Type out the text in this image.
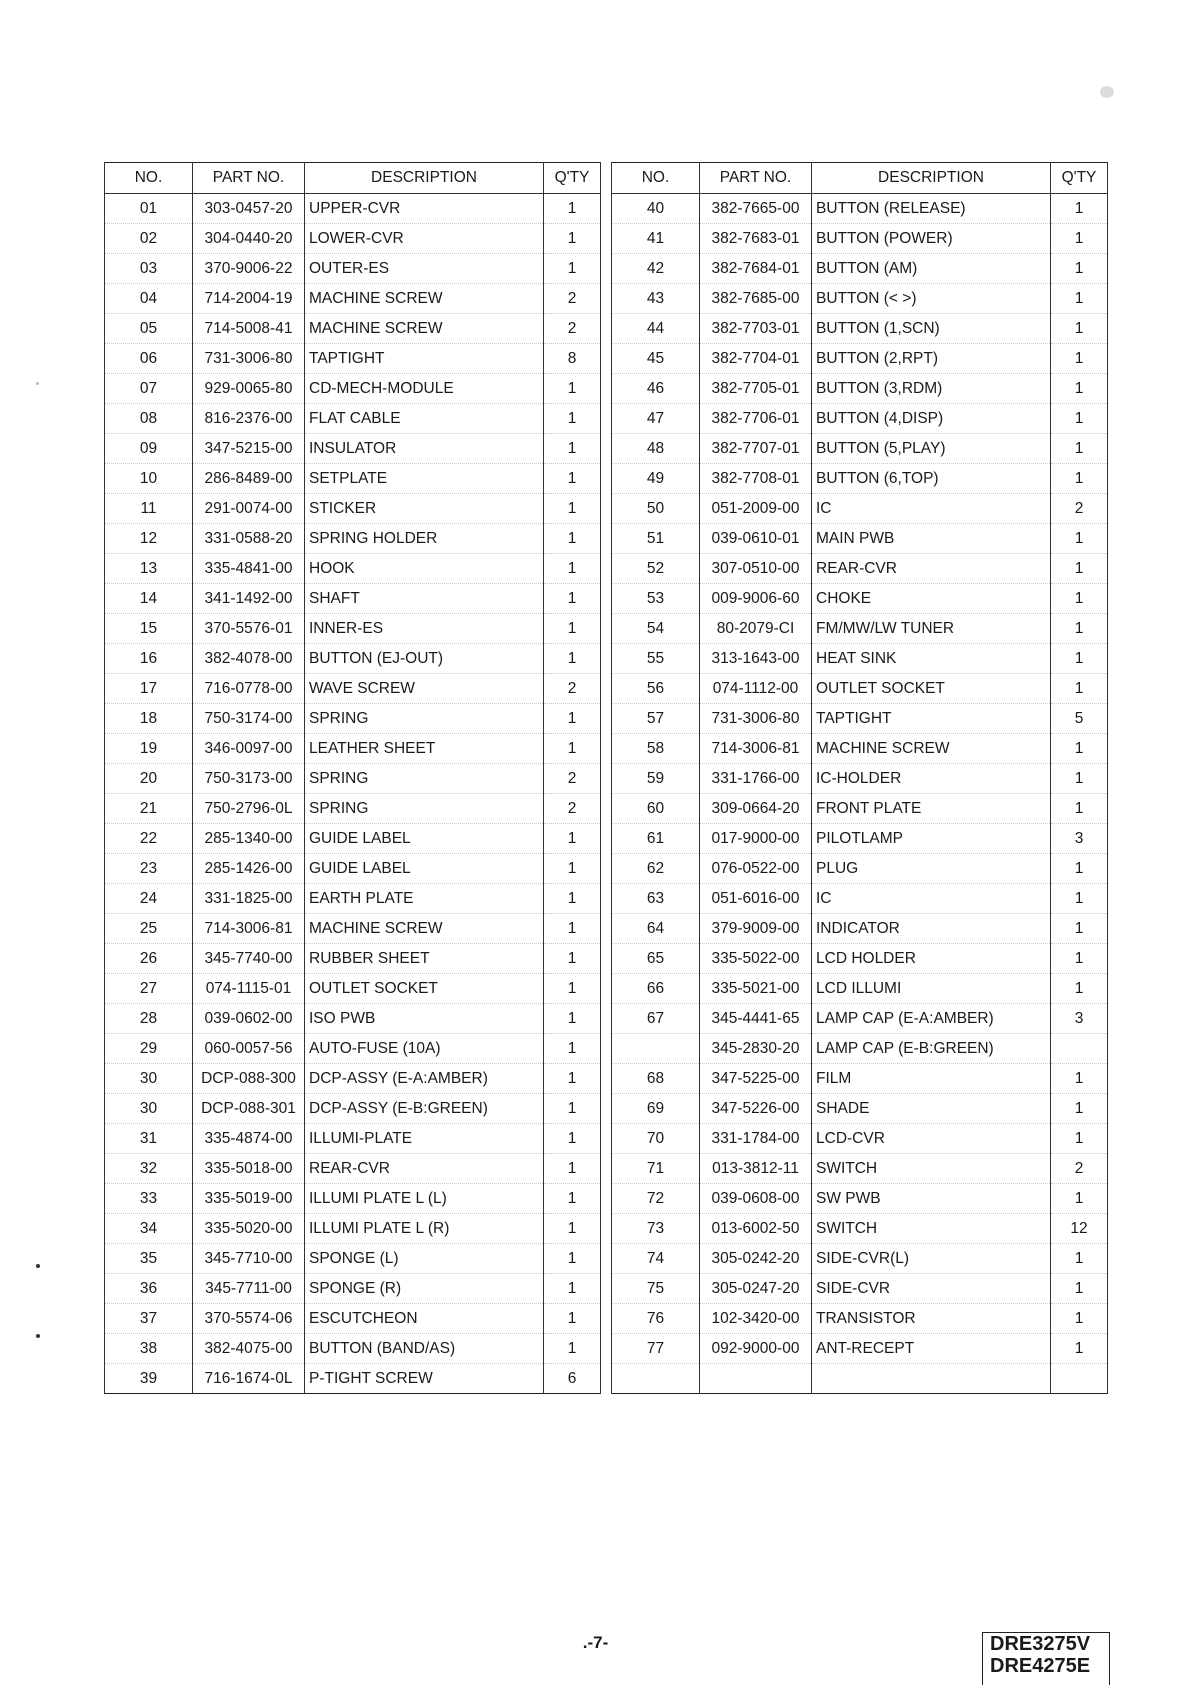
NO.	PART NO.	DESCRIPTION	Q'TY
01	303-0457-20	UPPER-CVR	1
02	304-0440-20	LOWER-CVR	1
03	370-9006-22	OUTER-ES	1
04	714-2004-19	MACHINE SCREW	2
05	714-5008-41	MACHINE SCREW	2
06	731-3006-80	TAPTIGHT	8
07	929-0065-80	CD-MECH-MODULE	1
08	816-2376-00	FLAT CABLE	1
09	347-5215-00	INSULATOR	1
10	286-8489-00	SETPLATE	1
11	291-0074-00	STICKER	1
12	331-0588-20	SPRING HOLDER	1
13	335-4841-00	HOOK	1
14	341-1492-00	SHAFT	1
15	370-5576-01	INNER-ES	1
16	382-4078-00	BUTTON (EJ-OUT)	1
17	716-0778-00	WAVE SCREW	2
18	750-3174-00	SPRING	1
19	346-0097-00	LEATHER SHEET	1
20	750-3173-00	SPRING	2
21	750-2796-0L	SPRING	2
22	285-1340-00	GUIDE LABEL	1
23	285-1426-00	GUIDE LABEL	1
24	331-1825-00	EARTH PLATE	1
25	714-3006-81	MACHINE SCREW	1
26	345-7740-00	RUBBER SHEET	1
27	074-1115-01	OUTLET SOCKET	1
28	039-0602-00	ISO PWB	1
29	060-0057-56	AUTO-FUSE (10A)	1
30	DCP-088-300	DCP-ASSY (E-A:AMBER)	1
30	DCP-088-301	DCP-ASSY (E-B:GREEN)	1
31	335-4874-00	ILLUMI-PLATE	1
32	335-5018-00	REAR-CVR	1
33	335-5019-00	ILLUMI PLATE L (L)	1
34	335-5020-00	ILLUMI PLATE L (R)	1
35	345-7710-00	SPONGE (L)	1
36	345-7711-00	SPONGE (R)	1
37	370-5574-06	ESCUTCHEON	1
38	382-4075-00	BUTTON (BAND/AS)	1
39	716-1674-0L	P-TIGHT SCREW	6
NO.	PART NO.	DESCRIPTION	Q'TY
40	382-7665-00	BUTTON (RELEASE)	1
41	382-7683-01	BUTTON (POWER)	1
42	382-7684-01	BUTTON (AM)	1
43	382-7685-00	BUTTON (< >)	1
44	382-7703-01	BUTTON (1,SCN)	1
45	382-7704-01	BUTTON (2,RPT)	1
46	382-7705-01	BUTTON (3,RDM)	1
47	382-7706-01	BUTTON (4,DISP)	1
48	382-7707-01	BUTTON (5,PLAY)	1
49	382-7708-01	BUTTON (6,TOP)	1
50	051-2009-00	IC	2
51	039-0610-01	MAIN PWB	1
52	307-0510-00	REAR-CVR	1
53	009-9006-60	CHOKE	1
54	80-2079-CI	FM/MW/LW TUNER	1
55	313-1643-00	HEAT SINK	1
56	074-1112-00	OUTLET SOCKET	1
57	731-3006-80	TAPTIGHT	5
58	714-3006-81	MACHINE SCREW	1
59	331-1766-00	IC-HOLDER	1
60	309-0664-20	FRONT PLATE	1
61	017-9000-00	PILOTLAMP	3
62	076-0522-00	PLUG	1
63	051-6016-00	IC	1
64	379-9009-00	INDICATOR	1
65	335-5022-00	LCD HOLDER	1
66	335-5021-00	LCD ILLUMI	1
67	345-4441-65	LAMP CAP (E-A:AMBER)	3
	345-2830-20	LAMP CAP (E-B:GREEN)	
68	347-5225-00	FILM	1
69	347-5226-00	SHADE	1
70	331-1784-00	LCD-CVR	1
71	013-3812-11	SWITCH	2
72	039-0608-00	SW PWB	1
73	013-6002-50	SWITCH	12
74	305-0242-20	SIDE-CVR(L)	1
75	305-0247-20	SIDE-CVR	1
76	102-3420-00	TRANSISTOR	1
77	092-9000-00	ANT-RECEPT	1

.-7-	DRE3275V
DRE4275E
